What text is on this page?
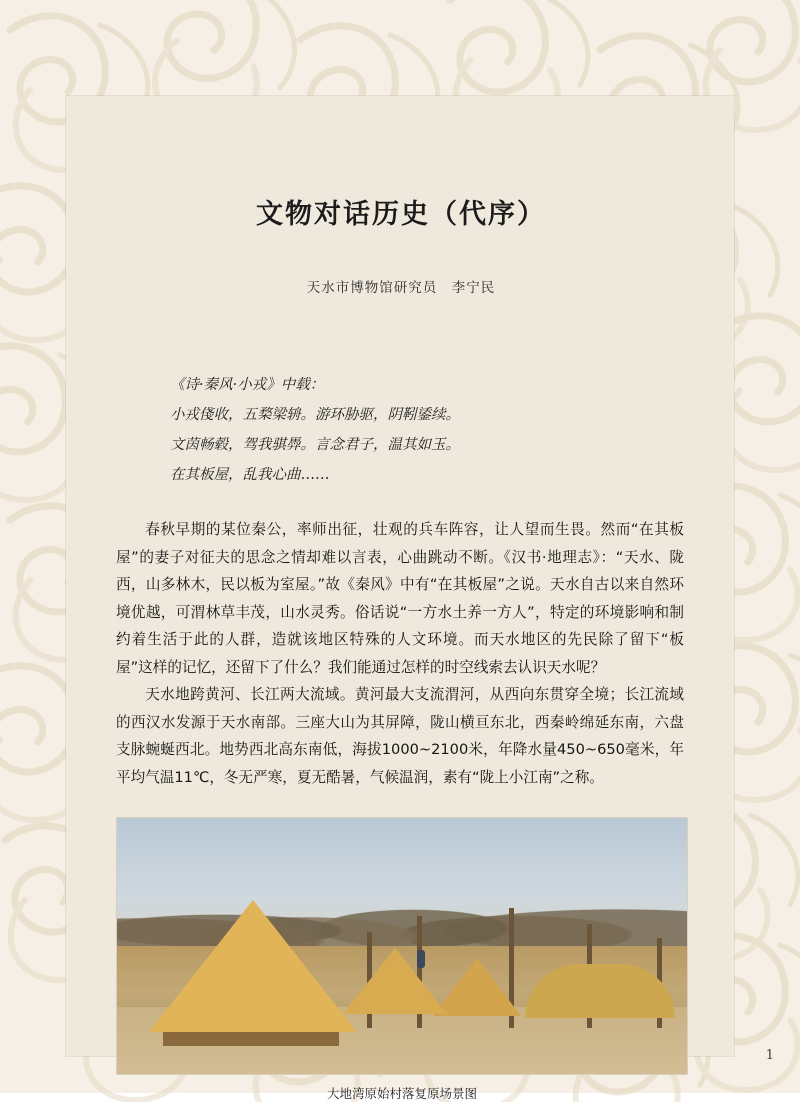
文物对话历史（代序）
天水市博物馆研究员　李宁民
《诗·秦风·小戎》中载：
小戎俴收，五楘梁辀。游环胁驱，阴靷鋈续。
文茵畅毂，驾我骐馵。言念君子，温其如玉。
在其板屋，乱我心曲……

春秋早期的某位秦公，率师出征，壮观的兵车阵容，让人望而生畏。然而“在其板屋”的妻子对征夫的思念之情却难以言表，心曲跳动不断。《汉书·地理志》：“天水、陇西，山多林木，民以板为室屋。”故《秦风》中有“在其板屋”之说。天水自古以来自然环境优越，可渭林草丰茂，山水灵秀。俗话说“一方水土养一方人”，特定的环境影响和制约着生活于此的人群，造就该地区特殊的人文环境。而天水地区的先民除了留下“板屋”这样的记忆，还留下了什么？我们能通过怎样的时空线索去认识天水呢？

天水地跨黄河、长江两大流域。黄河最大支流渭河，从西向东贯穿全境；长江流域的西汉水发源于天水南部。三座大山为其屏障，陇山横亘东北，西秦岭绵延东南，六盘支脉蜿蜒西北。地势西北高东南低，海拔1000~2100米，年降水量450~650毫米，年平均气温11℃，冬无严寒，夏无酷暑，气候温润，素有“陇上小江南”之称。

大地湾原始村落复原场景图
1
